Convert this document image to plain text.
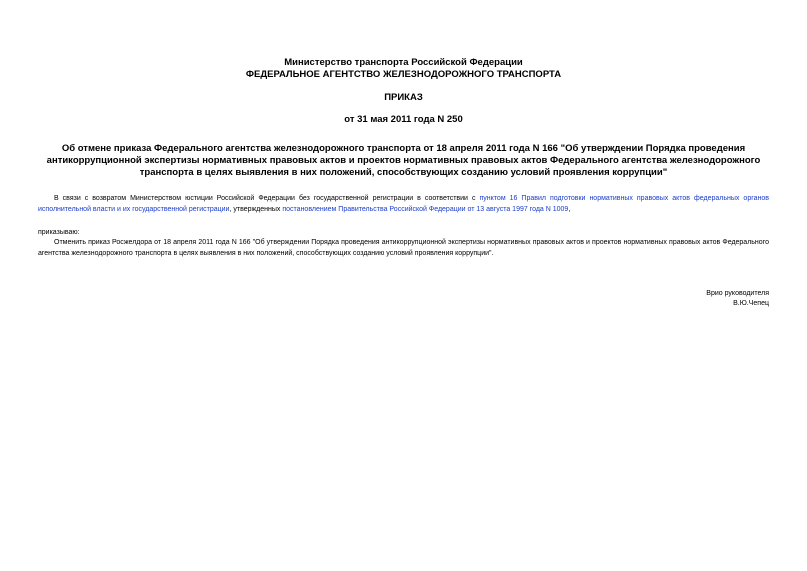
Министерство транспорта Российской Федерации
ФЕДЕРАЛЬНОЕ АГЕНТСТВО ЖЕЛЕЗНОДОРОЖНОГО ТРАНСПОРТА
ПРИКАЗ
от 31 мая 2011 года N 250
Об отмене приказа Федерального агентства железнодорожного транспорта от 18 апреля 2011 года N 166 "Об утверждении Порядка проведения антикоррупционной экспертизы нормативных правовых актов и проектов нормативных правовых актов Федерального агентства железнодорожного транспорта в целях выявления в них положений, способствующих созданию условий проявления коррупции"
В связи с возвратом Министерством юстиции Российской Федерации без государственной регистрации в соответствии с пунктом 16 Правил подготовки нормативных правовых актов федеральных органов исполнительной власти и их государственной регистрации, утвержденных постановлением Правительства Российской Федерации от 13 августа 1997 года N 1009,
приказываю:
Отменить приказ Росжелдора от 18 апреля 2011 года N 166 "Об утверждении Порядка проведения антикоррупционной экспертизы нормативных правовых актов и проектов нормативных правовых актов Федерального агентства железнодорожного транспорта в целях выявления в них положений, способствующих созданию условий проявления коррупции".
Врио руководителя
В.Ю.Чепец
